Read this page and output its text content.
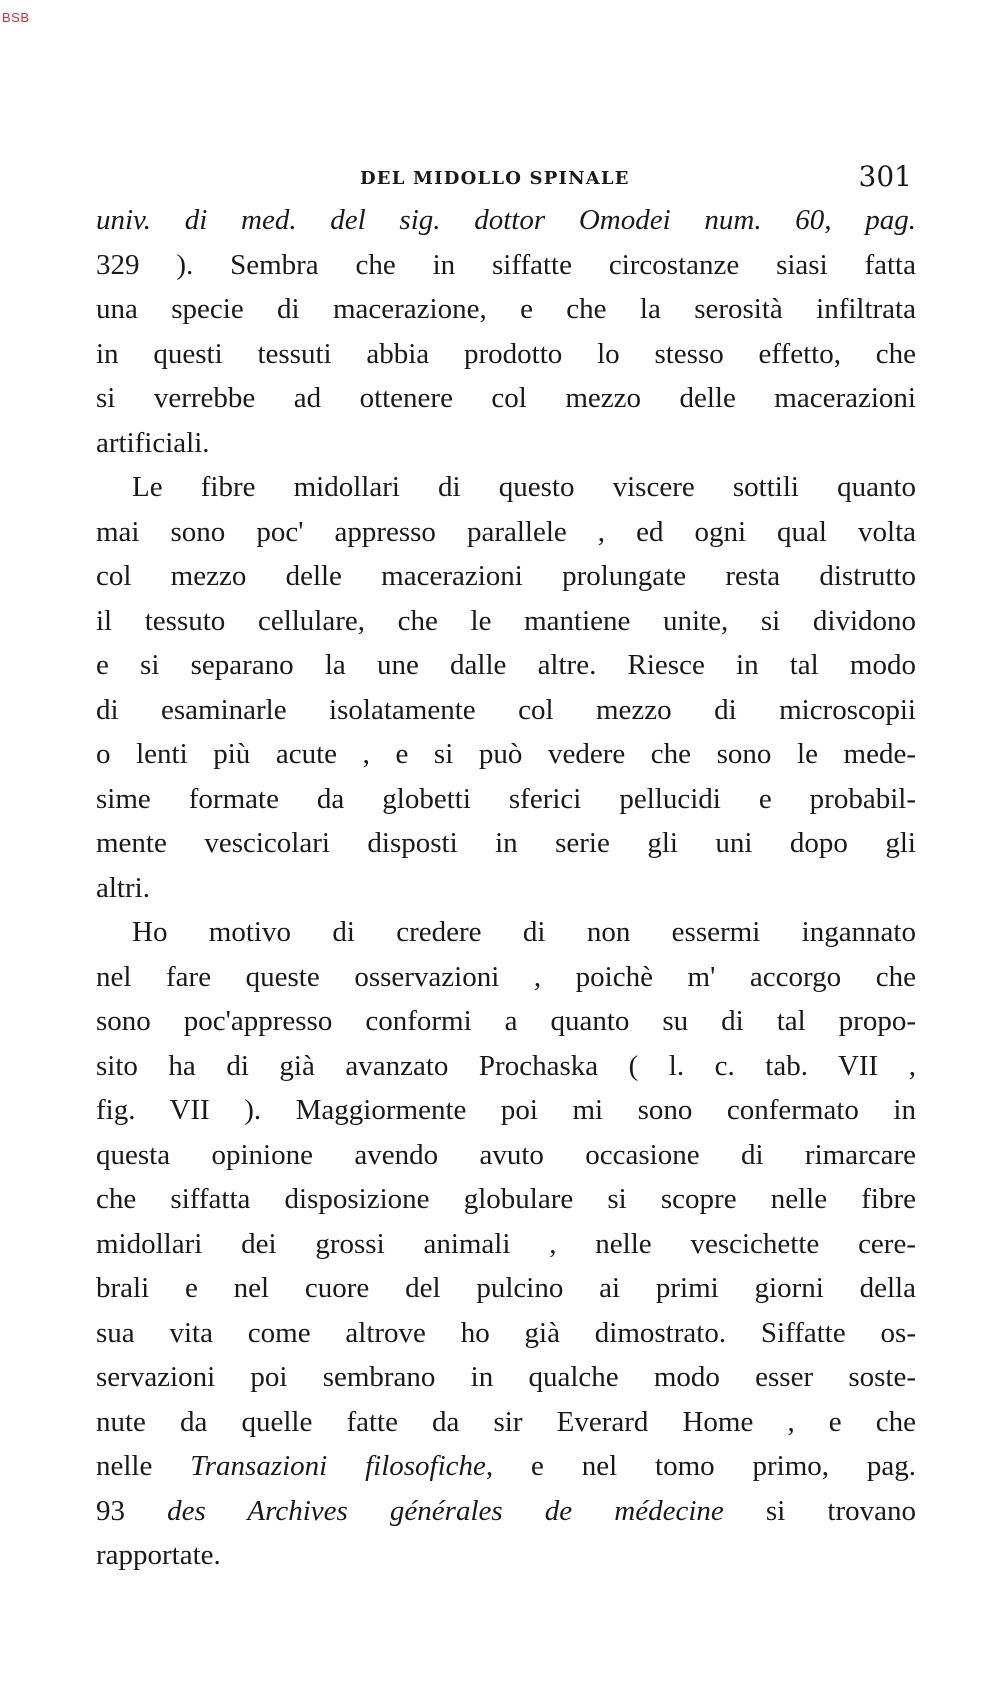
BSB
DEL MIDOLLO SPINALE	301
univ. di med. del sig. dottor Omodei num. 60, pag.
329 ). Sembra che in siffatte circostanze siasi fatta
una specie di macerazione, e che la serosità infiltrata
in questi tessuti abbia prodotto lo stesso effetto, che
si verrebbe ad ottenere col mezzo delle macerazioni
artificiali.
Le fibre midollari di questo viscere sottili quanto
mai sono poc' appresso parallele , ed ogni qual volta
col mezzo delle macerazioni prolungate resta distrutto
il tessuto cellulare, che le mantiene unite, si dividono
e si separano la une dalle altre. Riesce in tal modo
di esaminarle isolatamente col mezzo di microscopii
o lenti più acute , e si può vedere che sono le mede-
sime formate da globetti sferici pellucidi e probabil-
mente vescicolari disposti in serie gli uni dopo gli
altri.
Ho motivo di credere di non essermi ingannato
nel fare queste osservazioni , poichè m' accorgo che
sono poc'appresso conformi a quanto su di tal propo-
sito ha di già avanzato Prochaska ( l. c. tab. VII ,
fig. VII ). Maggiormente poi mi sono confermato in
questa opinione avendo avuto occasione di rimarcare
che siffatta disposizione globulare si scopre nelle fibre
midollari dei grossi animali , nelle vescichette cere-
brali e nel cuore del pulcino ai primi giorni della
sua vita come altrove ho già dimostrato. Siffatte os-
servazioni poi sembrano in qualche modo esser soste-
nute da quelle fatte da sir Everard Home , e che
nelle Transazioni filosofiche, e nel tomo primo, pag.
93 des Archives générales de médecine si trovano
rapportate.
